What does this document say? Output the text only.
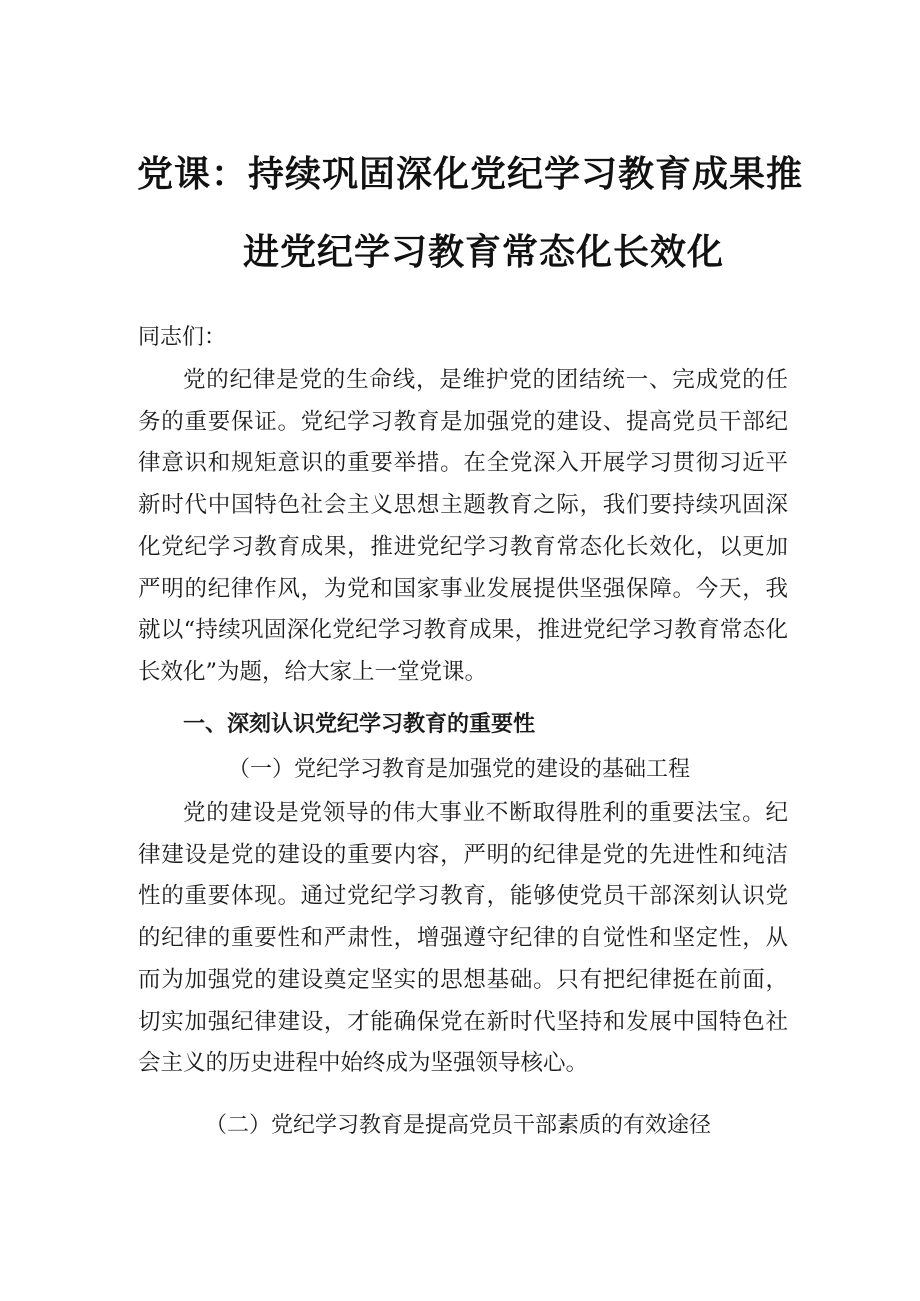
党课：持续巩固深化党纪学习教育成果推
进党纪学习教育常态化长效化
同志们：

党的纪律是党的生命线，是维护党的团结统一、完成党的任务的重要保证。党纪学习教育是加强党的建设、提高党员干部纪律意识和规矩意识的重要举措。在全党深入开展学习贯彻习近平新时代中国特色社会主义思想主题教育之际，我们要持续巩固深化党纪学习教育成果，推进党纪学习教育常态化长效化，以更加严明的纪律作风，为党和国家事业发展提供坚强保障。今天，我就以“持续巩固深化党纪学习教育成果，推进党纪学习教育常态化长效化”为题，给大家上一堂党课。

一、深刻认识党纪学习教育的重要性
（一）党纪学习教育是加强党的建设的基础工程

党的建设是党领导的伟大事业不断取得胜利的重要法宝。纪律建设是党的建设的重要内容，严明的纪律是党的先进性和纯洁性的重要体现。通过党纪学习教育，能够使党员干部深刻认识党的纪律的重要性和严肃性，增强遵守纪律的自觉性和坚定性，从而为加强党的建设奠定坚实的思想基础。只有把纪律挺在前面，切实加强纪律建设，才能确保党在新时代坚持和发展中国特色社会主义的历史进程中始终成为坚强领导核心。

（二）党纪学习教育是提高党员干部素质的有效途径
